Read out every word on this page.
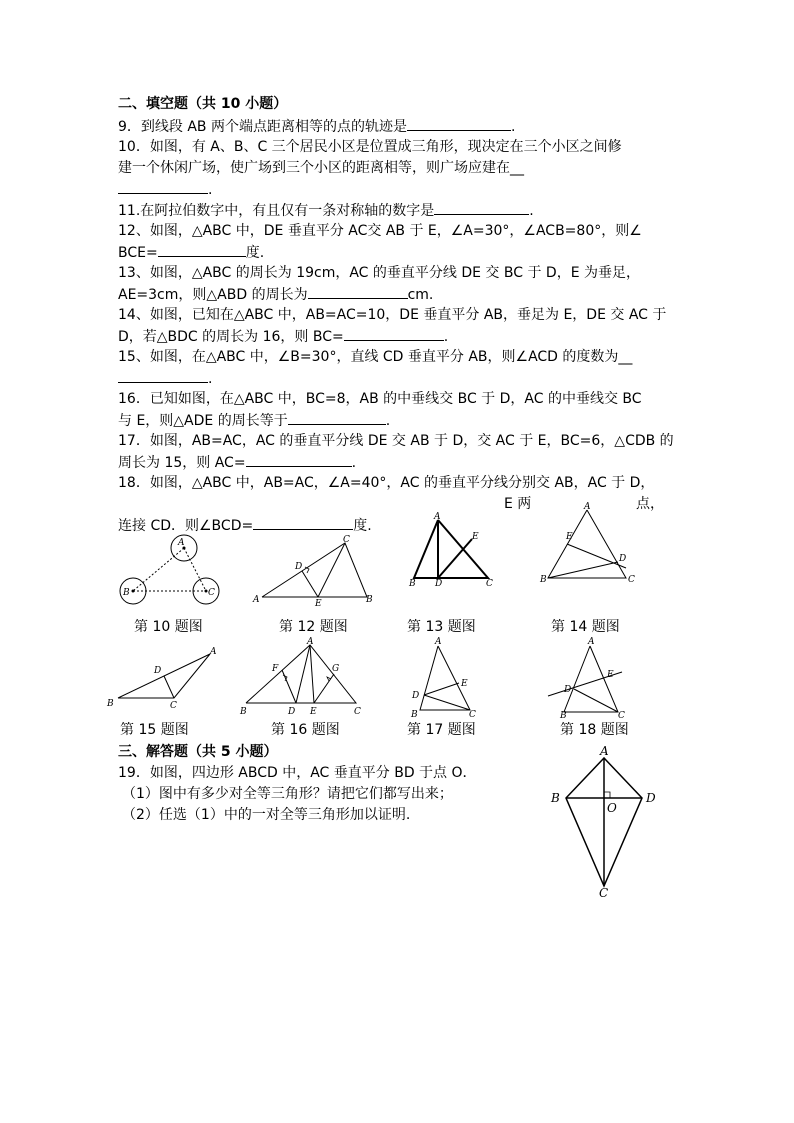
二、填空题（共 10 小题）
9．到线段 AB 两个端点距离相等的点的轨迹是	.
10．如图，有 A、B、C 三个居民小区是位置成三角形，现决定在三个小区之间修
建一个休闲广场，使广场到三个小区的距离相等，则广场应建在__
.
11.在阿拉伯数字中，有且仅有一条对称轴的数字是	.
12、如图，△ABC 中，DE 垂直平分 AC交 AB 于 E，∠A=30°，∠ACB=80°，则∠
BCE=	度.
13、如图，△ABC 的周长为 19cm，AC 的垂直平分线 DE 交 BC 于 D，E 为垂足，
AE=3cm，则△ABD 的周长为	cm.
14、如图，已知在△ABC 中，AB=AC=10，DE 垂直平分 AB，垂足为 E，DE 交 AC 于
D，若△BDC 的周长为 16，则 BC=	.
15、如图，在△ABC 中，∠B=30°，直线 CD 垂直平分 AB，则∠ACD 的度数为__
.
16．已知如图，在△ABC 中，BC=8，AB 的中垂线交 BC 于 D，AC 的中垂线交 BC
与 E，则△ADE 的周长等于	.
17．如图，AB=AC，AC 的垂直平分线 DE 交 AB 于 D，交 AC 于 E，BC=6，△CDB 的
周长为 15，则 AC=	.
18．如图，△ABC 中，AB=AC，∠A=40°，AC 的垂直平分线分别交 AB，AC 于 D，
E 两	点，
连接 CD．则∠BCD=	度.
A
B	C
A
C
B
D
E
A
B D	C
E
A
B	C
D
E
第 10 题图	第 12 题图	第 13 题图	第 14 题图
B
A
C
D
A
B	C
D E
F	G
A
D
E
B	C
A
D
E
B	C
第 15 题图	第 16 题图	第 17 题图	第 18 题图
三、解答题（共 5 小题）
19．如图，四边形 ABCD 中，AC 垂直平分 BD 于点 O．
（1）图中有多少对全等三角形？请把它们都写出来；
（2）任选（1）中的一对全等三角形加以证明.
A
B	D
O
C
